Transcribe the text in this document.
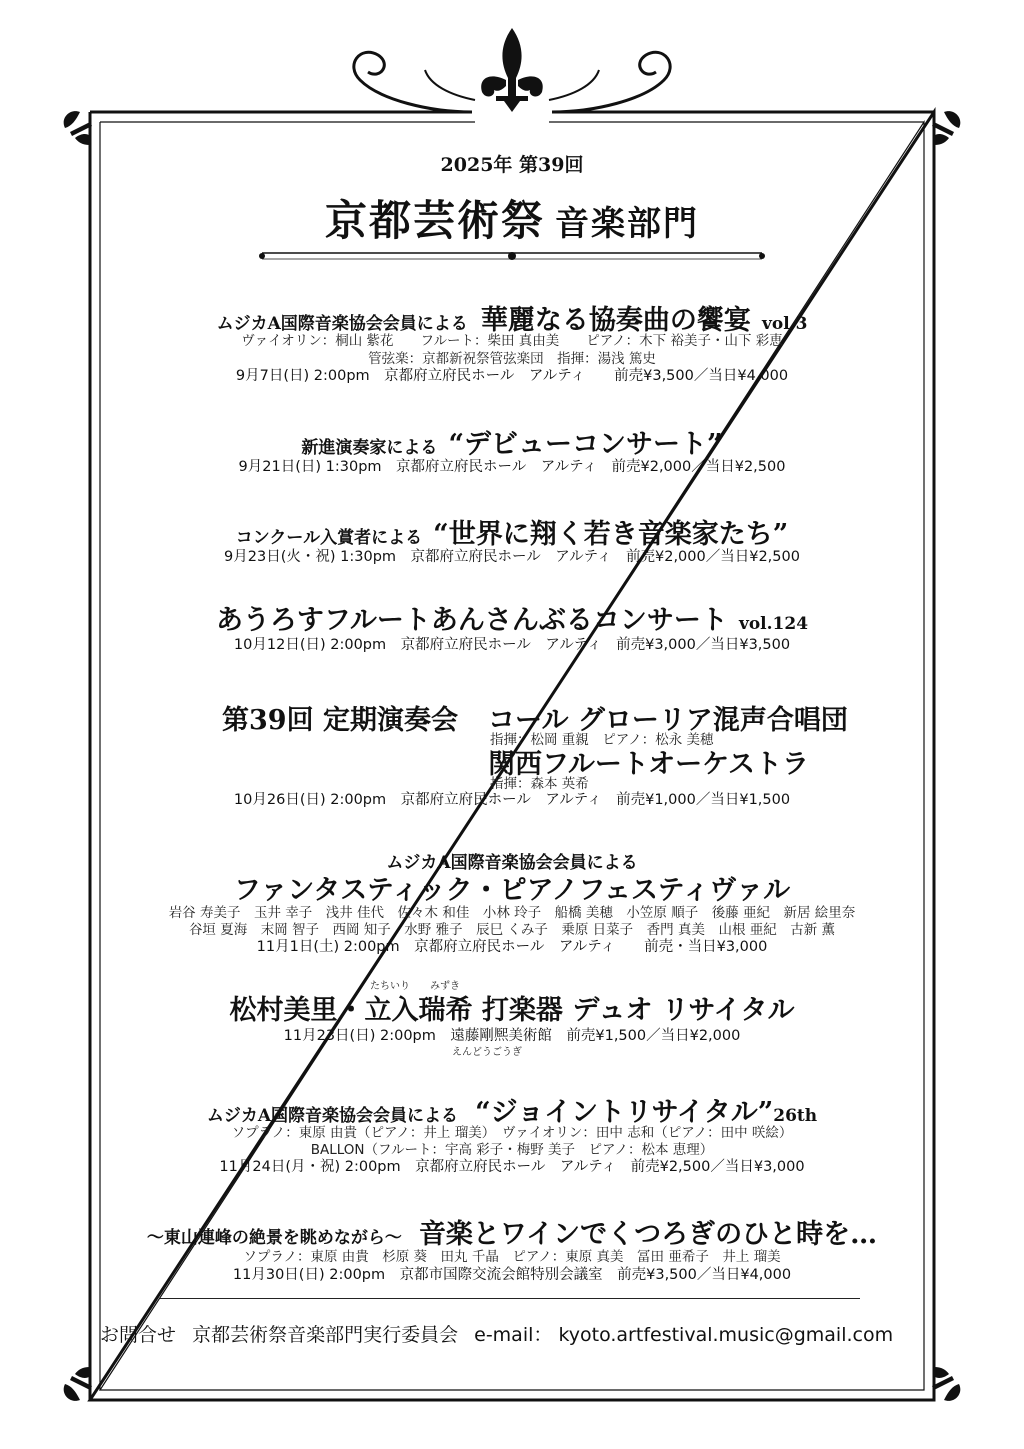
2025年 第39回
京都芸術祭 音楽部門
ムジカA国際音楽協会会員による 華麗なる協奏曲の饗宴 vol.3
ヴァイオリン：桐山 紫花　　フルート：柴田 真由美　　ピアノ：木下 裕美子・山下 彩恵
管弦楽：京都新祝祭管弦楽団　指揮：湯浅 篤史
9月7日(日) 2:00pm　京都府立府民ホール　アルティ　　前売¥3,500／当日¥4,000
新進演奏家による “デビューコンサート”
9月21日(日) 1:30pm　京都府立府民ホール　アルティ　前売¥2,000／当日¥2,500
コンクール入賞者による “世界に翔く若き音楽家たち”
9月23日(火・祝) 1:30pm　京都府立府民ホール　アルティ　前売¥2,000／当日¥2,500
あうろすフルートあんさんぶるコンサート vol.124
10月12日(日) 2:00pm　京都府立府民ホール　アルティ　前売¥3,000／当日¥3,500
第39回 定期演奏会 コール グローリア混声合唱団
指揮：松岡 重親　ピアノ：松永 美穂
関西フルートオーケストラ
指揮：森本 英希
10月26日(日) 2:00pm　京都府立府民ホール　アルティ　前売¥1,000／当日¥1,500
ムジカA国際音楽協会会員による
ファンタスティック・ピアノフェスティヴァル
岩谷 寿美子　玉井 幸子　浅井 佳代　佐々木 和佳　小林 玲子　船橋 美穂　小笠原 順子　後藤 亜紀　新居 絵里奈
谷垣 夏海　末岡 智子　西岡 知子　水野 雅子　辰巳 くみ子　乗原 日菜子　香門 真美　山根 亜紀　古新 薫
11月1日(土) 2:00pm　京都府立府民ホール　アルティ　　前売・当日¥3,000
たちいり みずき
松村美里・立入瑞希 打楽器 デュオ リサイタル
11月23日(日) 2:00pm　遠藤剛熈美術館　前売¥1,500／当日¥2,000
えんどうごうぎ
ムジカA国際音楽協会会員による “ジョイントリサイタル”26th
ソプラノ：東原 由貴（ピアノ：井上 瑠美）　ヴァイオリン：田中 志和（ピアノ：田中 咲絵）
BALLON（フルート：宇高 彩子・梅野 美子　ピアノ：松本 恵理）
11月24日(月・祝) 2:00pm　京都府立府民ホール　アルティ　前売¥2,500／当日¥3,000
～東山連峰の絶景を眺めながら～ 音楽とワインでくつろぎのひと時を…
ソプラノ：東原 由貴　杉原 葵　田丸 千晶　ピアノ：東原 真美　冨田 亜希子　井上 瑠美
11月30日(日) 2:00pm　京都市国際交流会館特別会議室　前売¥3,500／当日¥4,000
お問合せ 京都芸術祭音楽部門実行委員会 e-mail： kyoto.artfestival.music@gmail.com
